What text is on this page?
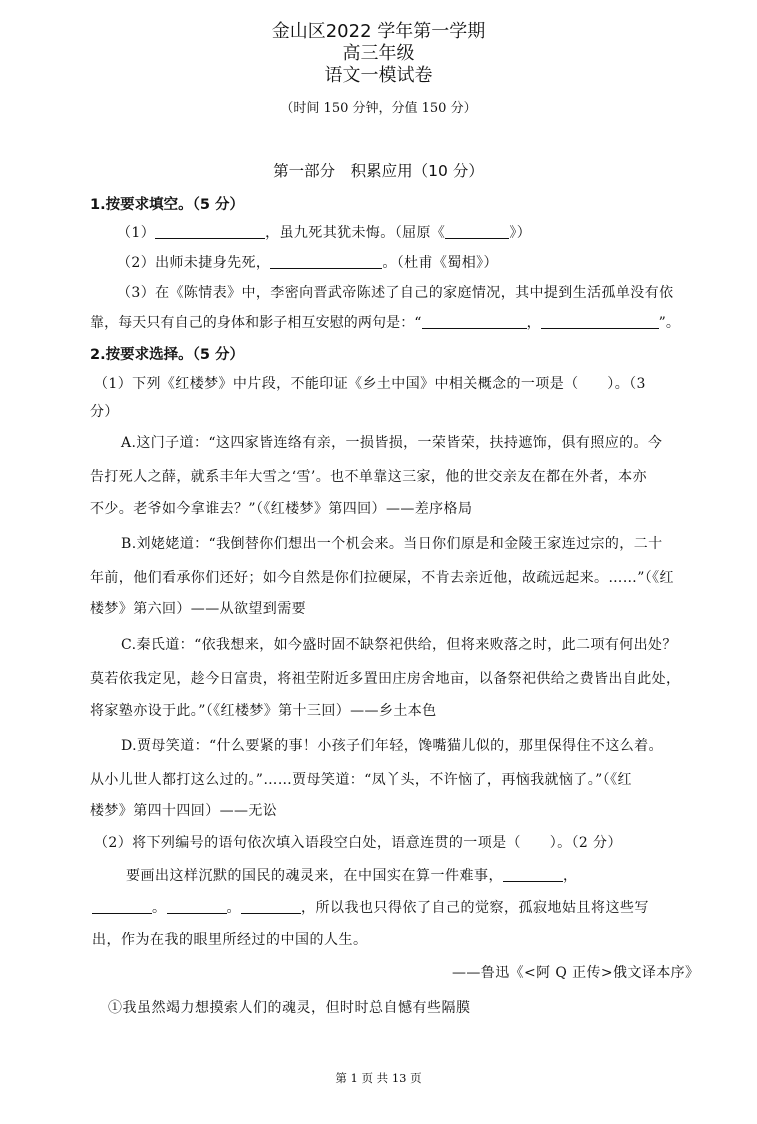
金山区2022 学年第一学期
高三年级
语文一模试卷
（时间 150 分钟，分值 150 分）
第一部分　积累应用（10 分）
1.按要求填空。（5 分）
（1）	，虽九死其犹未悔。（屈原《	》）
（2）出师未捷身先死，	。（杜甫《蜀相》）
（3）在《陈情表》中，李密向晋武帝陈述了自己的家庭情况，其中提到生活孤单没有依
靠，每天只有自己的身体和影子相互安慰的两句是：“	，	”。
2.按要求选择。（5 分）
（1）下列《红楼梦》中片段，不能印证《乡土中国》中相关概念的一项是（　　）。（3
分）
A.这门子道：“这四家皆连络有亲，一损皆损，一荣皆荣，扶持遮饰，俱有照应的。今
告打死人之薛，就系丰年大雪之‘雪’。也不单靠这三家，他的世交亲友在都在外者，本亦
不少。老爷如今拿谁去？”（《红楼梦》第四回）——差序格局
B.刘姥姥道：“我倒替你们想出一个机会来。当日你们原是和金陵王家连过宗的，二十
年前，他们看承你们还好；如今自然是你们拉硬屎，不肯去亲近他，故疏远起来。……”（《红
楼梦》第六回）——从欲望到需要
C.秦氏道：“依我想来，如今盛时固不缺祭祀供给，但将来败落之时，此二项有何出处？
莫若依我定见，趁今日富贵，将祖茔附近多置田庄房舍地亩，以备祭祀供给之费皆出自此处，
将家塾亦设于此。”（《红楼梦》第十三回）——乡土本色
D.贾母笑道：“什么要紧的事！小孩子们年轻，馋嘴猫儿似的，那里保得住不这么着。
从小儿世人都打这么过的。”……贾母笑道：“凤丫头，不许恼了，再恼我就恼了。”（《红
楼梦》第四十四回）——无讼
（2）将下列编号的语句依次填入语段空白处，语意连贯的一项是（　　）。（2 分）
要画出这样沉默的国民的魂灵来，在中国实在算一件难事，	，
。	。	，所以我也只得依了自己的觉察，孤寂地姑且将这些写
出，作为在我的眼里所经过的中国的人生。
——鲁迅《<阿 Q 正传>俄文译本序》
①我虽然竭力想摸索人们的魂灵，但时时总自憾有些隔膜
第 1 页 共 13 页
